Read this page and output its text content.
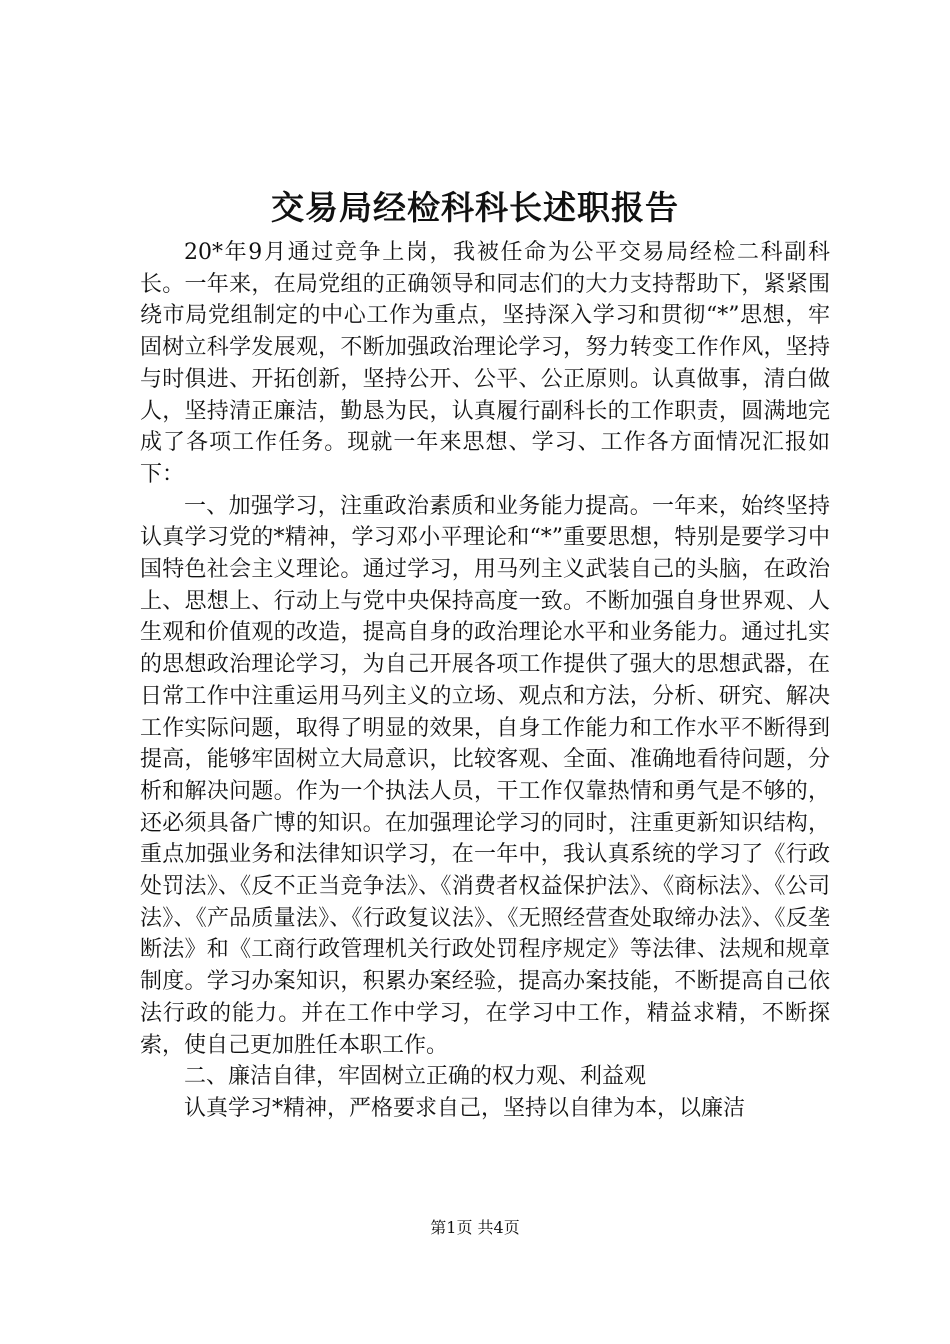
交易局经检科科长述职报告

20*年9月通过竞争上岗，我被任命为公平交易局经检二科副科长。一年来，在局党组的正确领导和同志们的大力支持帮助下，紧紧围绕市局党组制定的中心工作为重点，坚持深入学习和贯彻“*”思想，牢固树立科学发展观，不断加强政治理论学习，努力转变工作作风，坚持与时俱进、开拓创新，坚持公开、公平、公正原则。认真做事，清白做人，坚持清正廉洁，勤恳为民，认真履行副科长的工作职责，圆满地完成了各项工作任务。现就一年来思想、学习、工作各方面情况汇报如下：

一、加强学习，注重政治素质和业务能力提高。一年来，始终坚持认真学习党的*精神，学习邓小平理论和“*”重要思想，特别是要学习中国特色社会主义理论。通过学习，用马列主义武装自己的头脑，在政治上、思想上、行动上与党中央保持高度一致。不断加强自身世界观、人生观和价值观的改造，提高自身的政治理论水平和业务能力。通过扎实的思想政治理论学习，为自己开展各项工作提供了强大的思想武器，在日常工作中注重运用马列主义的立场、观点和方法，分析、研究、解决工作实际问题，取得了明显的效果，自身工作能力和工作水平不断得到提高，能够牢固树立大局意识，比较客观、全面、准确地看待问题，分析和解决问题。作为一个执法人员，干工作仅靠热情和勇气是不够的，还必须具备广博的知识。在加强理论学习的同时，注重更新知识结构，重点加强业务和法律知识学习，在一年中，我认真系统的学习了《行政处罚法》、《反不正当竞争法》、《消费者权益保护法》、《商标法》、《公司法》、《产品质量法》、《行政复议法》、《无照经营查处取缔办法》、《反垄断法》和《工商行政管理机关行政处罚程序规定》等法律、法规和规章制度。学习办案知识，积累办案经验，提高办案技能，不断提高自己依法行政的能力。并在工作中学习，在学习中工作，精益求精，不断探索，使自己更加胜任本职工作。

二、廉洁自律，牢固树立正确的权力观、利益观

认真学习*精神，严格要求自己，坚持以自律为本，以廉洁

第1页 共4页
